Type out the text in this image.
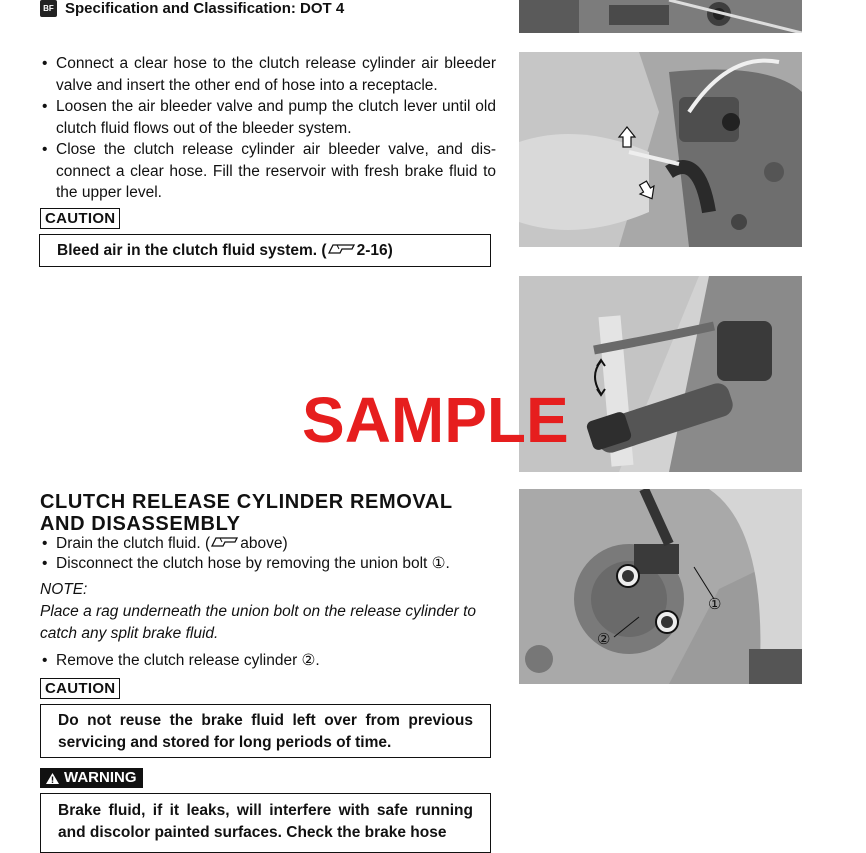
BF Specification and Classification: DOT 4
• Connect a clear hose to the clutch release cylinder air bleeder valve and insert the other end of hose into a receptacle.
• Loosen the air bleeder valve and pump the clutch lever until old clutch fluid flows out of the bleeder system.
• Close the clutch release cylinder air bleeder valve, and dis-connect a clear hose. Fill the reservoir with fresh brake fluid to the upper level.
CAUTION
Bleed air in the clutch fluid system. ( 2-16)
①
②
SAMPLE
CLUTCH RELEASE CYLINDER REMOVAL
AND DISASSEMBLY
• Drain the clutch fluid. ( above)
• Disconnect the clutch hose by removing the union bolt ①.
NOTE:
Place a rag underneath the union bolt on the release cylinder to catch any split brake fluid.
• Remove the clutch release cylinder ②.
CAUTION
Do not reuse the brake fluid left over from previous servicing and stored for long periods of time.
WARNING
Brake fluid, if it leaks, will interfere with safe running and discolor painted surfaces. Check the brake hose
